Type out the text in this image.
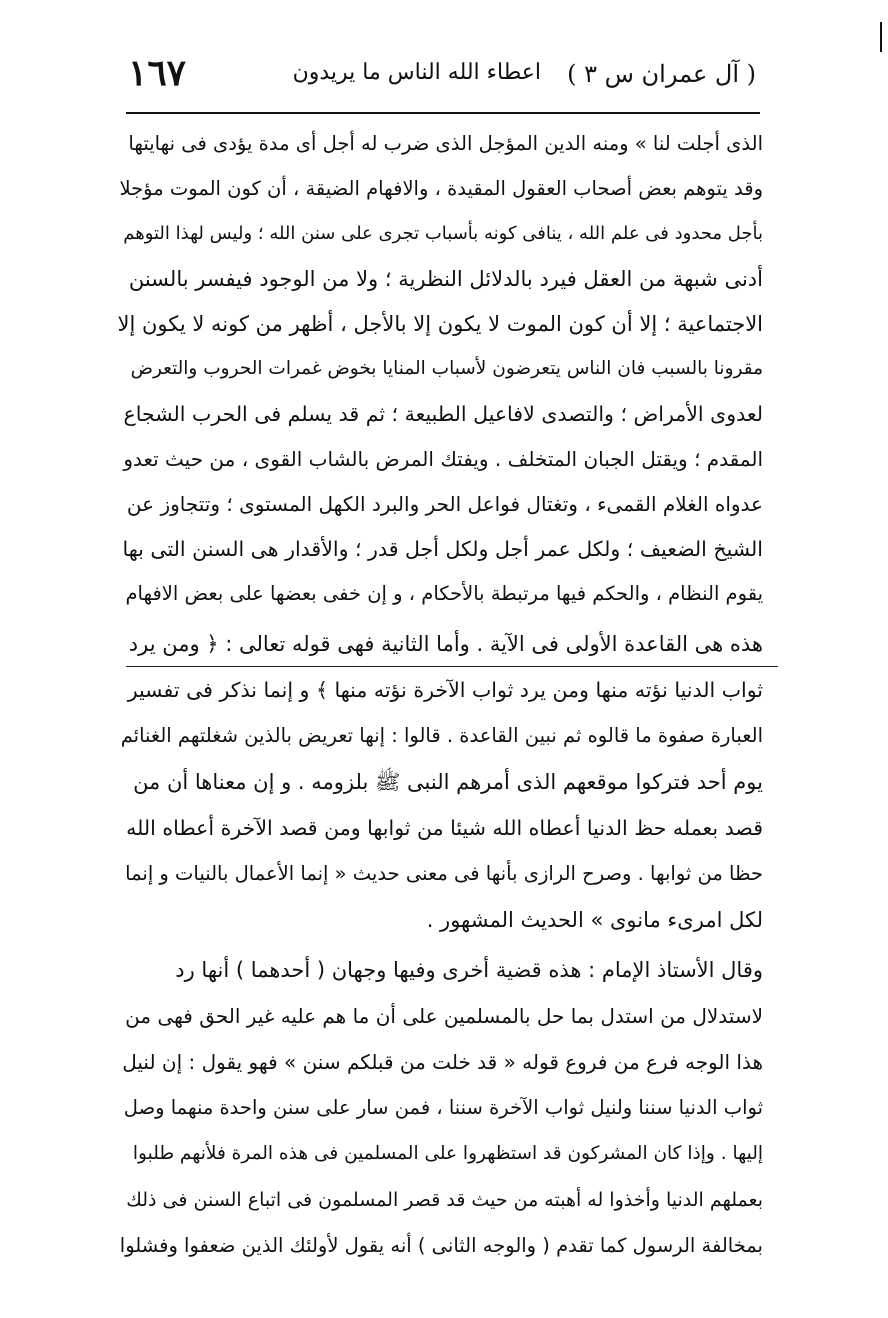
( آل عمران س ٣ )
اعطاء الله الناس ما يريدون
١٦٧
الذى أجلت لنا » ومنه الدين المؤجل الذى ضرب له أجل أى مدة يؤدى فى نهايتها
وقد يتوهم بعض أصحاب العقول المقيدة ، والافهام الضيقة ، أن كون الموت مؤجلا
بأجل محدود فى علم الله ، ينافى كونه بأسباب تجرى على سنن الله ؛ وليس لهذا التوهم
أدنى شبهة من العقل فيرد بالدلائل النظرية ؛ ولا من الوجود فيفسر بالسنن
الاجتماعية ؛ إلا أن كون الموت لا يكون إلا بالأجل ، أظهر من كونه لا يكون إلا
مقرونا بالسبب فان الناس يتعرضون لأسباب المنايا بخوض غمرات الحروب والتعرض
لعدوى الأمراض ؛ والتصدى لافاعيل الطبيعة ؛ ثم قد يسلم فى الحرب الشجاع
المقدم ؛ ويقتل الجبان المتخلف . ويفتك المرض بالشاب القوى ، من حيث تعدو
عدواه الغلام القمىء ، وتغتال فواعل الحر والبرد الكهل المستوى ؛ وتتجاوز عن
الشيخ الضعيف ؛ ولكل عمر أجل ولكل أجل قدر ؛ والأقدار هى السنن التى بها
يقوم النظام ، والحكم فيها مرتبطة بالأحكام ، و إن خفى بعضها على بعض الافهام
هذه هى القاعدة الأولى فى الآية . وأما الثانية فهى قوله تعالى : ﴿ ومن يرد
ثواب الدنيا نؤته منها ومن يرد ثواب الآخرة نؤته منها ﴾ و إنما نذكر فى تفسير
العبارة صفوة ما قالوه ثم نبين القاعدة . قالوا : إنها تعريض بالذين شغلتهم الغنائم
يوم أحد فتركوا موقعهم الذى أمرهم النبى ﷺ بلزومه . و إن معناها أن من
قصد بعمله حظ الدنيا أعطاه الله شيئا من ثوابها ومن قصد الآخرة أعطاه الله
حظا من ثوابها . وصرح الرازى بأنها فى معنى حديث « إنما الأعمال بالنيات و إنما
لكل امرىء مانوى » الحديث المشهور .
وقال الأستاذ الإمام : هذه قضية أخرى وفيها وجهان ( أحدهما ) أنها رد
لاستدلال من استدل بما حل بالمسلمين على أن ما هم عليه غير الحق فهى من
هذا الوجه فرع من فروع قوله « قد خلت من قبلكم سنن » فهو يقول : إن لنيل
ثواب الدنيا سننا ولنيل ثواب الآخرة سننا ، فمن سار على سنن واحدة منهما وصل
إليها . وإذا كان المشركون قد استظهروا على المسلمين فى هذه المرة فلأنهم طلبوا
بعملهم الدنيا وأخذوا له أهبته من حيث قد قصر المسلمون فى اتباع السنن فى ذلك
بمخالفة الرسول كما تقدم ( والوجه الثانى ) أنه يقول لأولئك الذين ضعفوا وفشلوا
